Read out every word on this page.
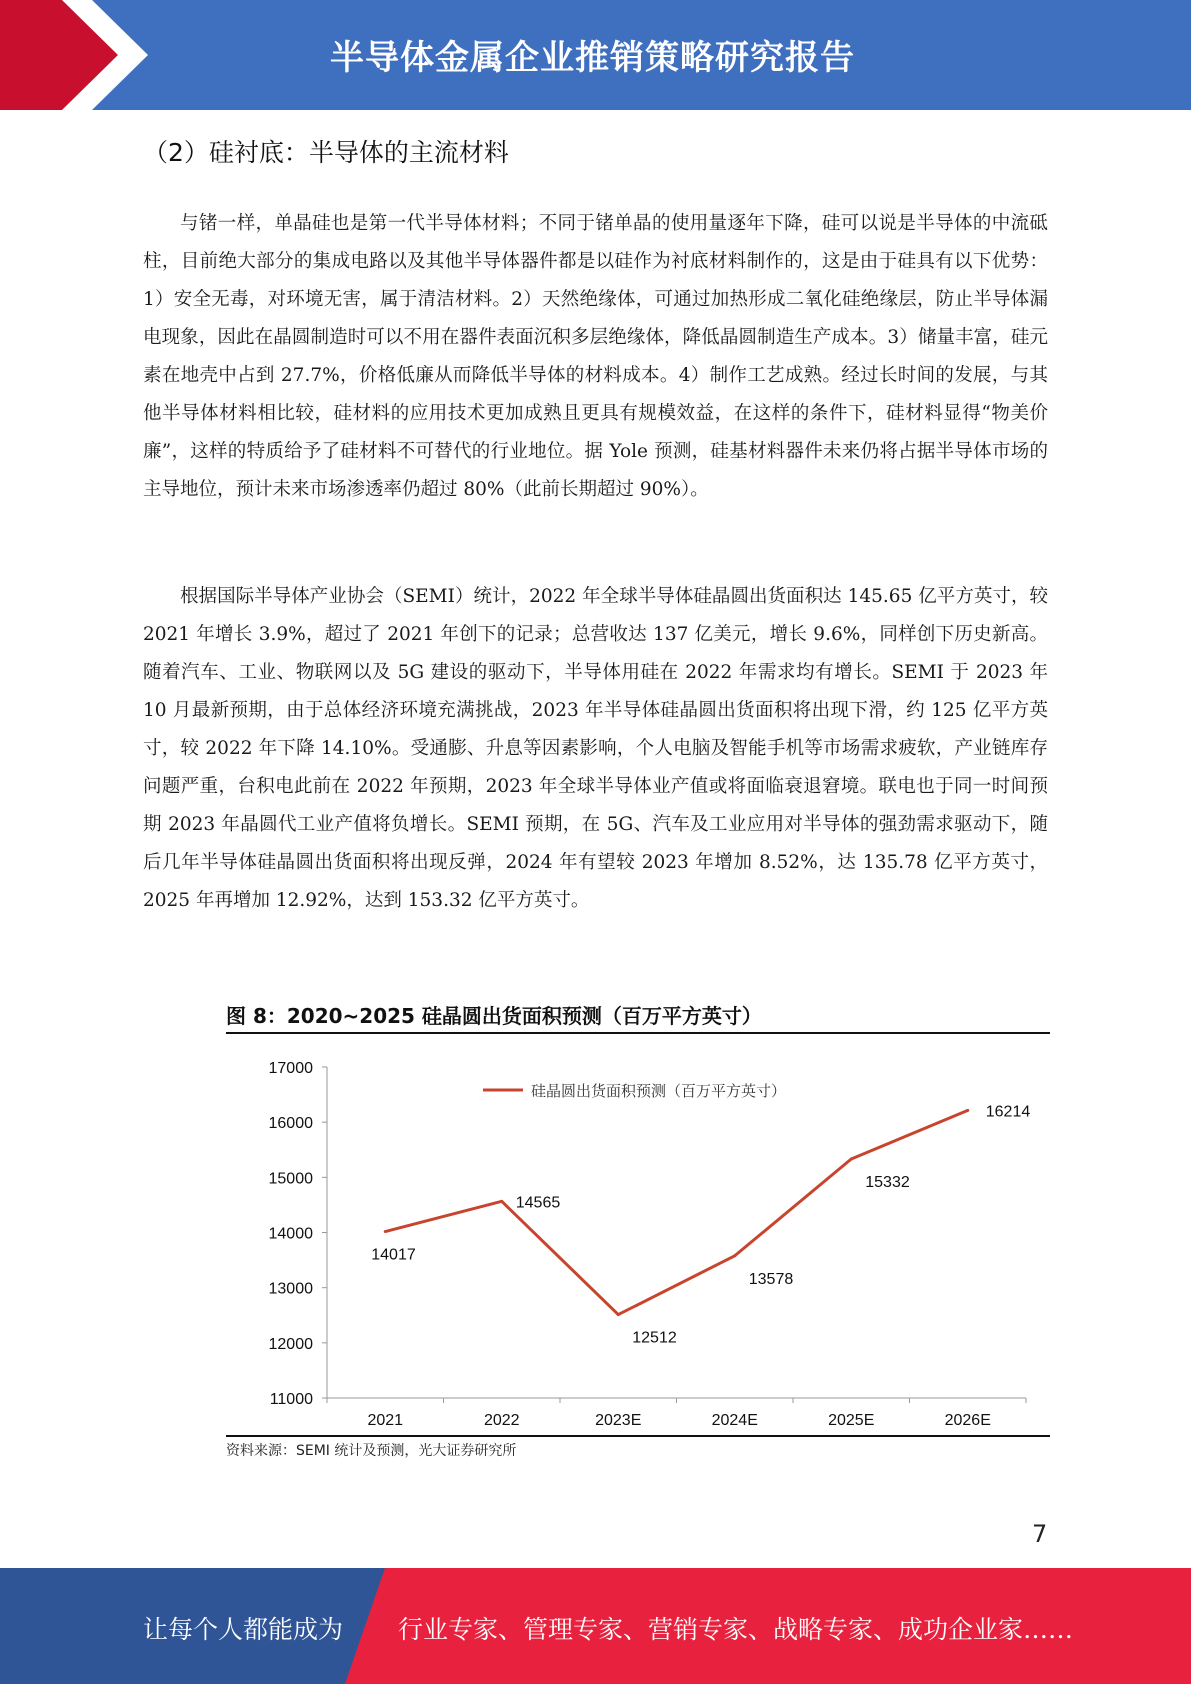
半导体金属企业推销策略研究报告
（2）硅衬底：半导体的主流材料

与锗一样，单晶硅也是第一代半导体材料；不同于锗单晶的使用量逐年下降，硅可以说是半导体的中流砥柱，目前绝大部分的集成电路以及其他半导体器件都是以硅作为衬底材料制作的，这是由于硅具有以下优势：1）安全无毒，对环境无害，属于清洁材料。2）天然绝缘体，可通过加热形成二氧化硅绝缘层，防止半导体漏电现象，因此在晶圆制造时可以不用在器件表面沉积多层绝缘体，降低晶圆制造生产成本。3）储量丰富，硅元素在地壳中占到 27.7%，价格低廉从而降低半导体的材料成本。4）制作工艺成熟。经过长时间的发展，与其他半导体材料相比较，硅材料的应用技术更加成熟且更具有规模效益，在这样的条件下，硅材料显得“物美价廉”，这样的特质给予了硅材料不可替代的行业地位。据 Yole 预测，硅基材料器件未来仍将占据半导体市场的主导地位，预计未来市场渗透率仍超过 80%（此前长期超过 90%）。

根据国际半导体产业协会（SEMI）统计，2022 年全球半导体硅晶圆出货面积达 145.65 亿平方英寸，较 2021 年增长 3.9%，超过了 2021 年创下的记录；总营收达 137 亿美元，增长 9.6%，同样创下历史新高。随着汽车、工业、物联网以及 5G 建设的驱动下，半导体用硅在 2022 年需求均有增长。SEMI 于 2023 年 10 月最新预期，由于总体经济环境充满挑战，2023 年半导体硅晶圆出货面积将出现下滑，约 125 亿平方英寸，较 2022 年下降 14.10%。受通膨、升息等因素影响，个人电脑及智能手机等市场需求疲软，产业链库存问题严重，台积电此前在 2022 年预期，2023 年全球半导体业产值或将面临衰退窘境。联电也于同一时间预期 2023 年晶圆代工业产值将负增长。SEMI 预期，在 5G、汽车及工业应用对半导体的强劲需求驱动下，随后几年半导体硅晶圆出货面积将出现反弹，2024 年有望较 2023 年增加 8.52%，达 135.78 亿平方英寸，2025 年再增加 12.92%，达到 153.32 亿平方英寸。

图 8：2020~2025 硅晶圆出货面积预测（百万平方英寸）
11000
12000
13000
14000
15000
16000
17000
2021	2022	2023E	2024E	2025E	2026E
14017
14565
12512
13578
15332
16214
硅晶圆出货面积预测（百万平方英寸）
资料来源：SEMI 统计及预测，光大证券研究所
7
让每个人都能成为 行业专家、管理专家、营销专家、战略专家、成功企业家……
